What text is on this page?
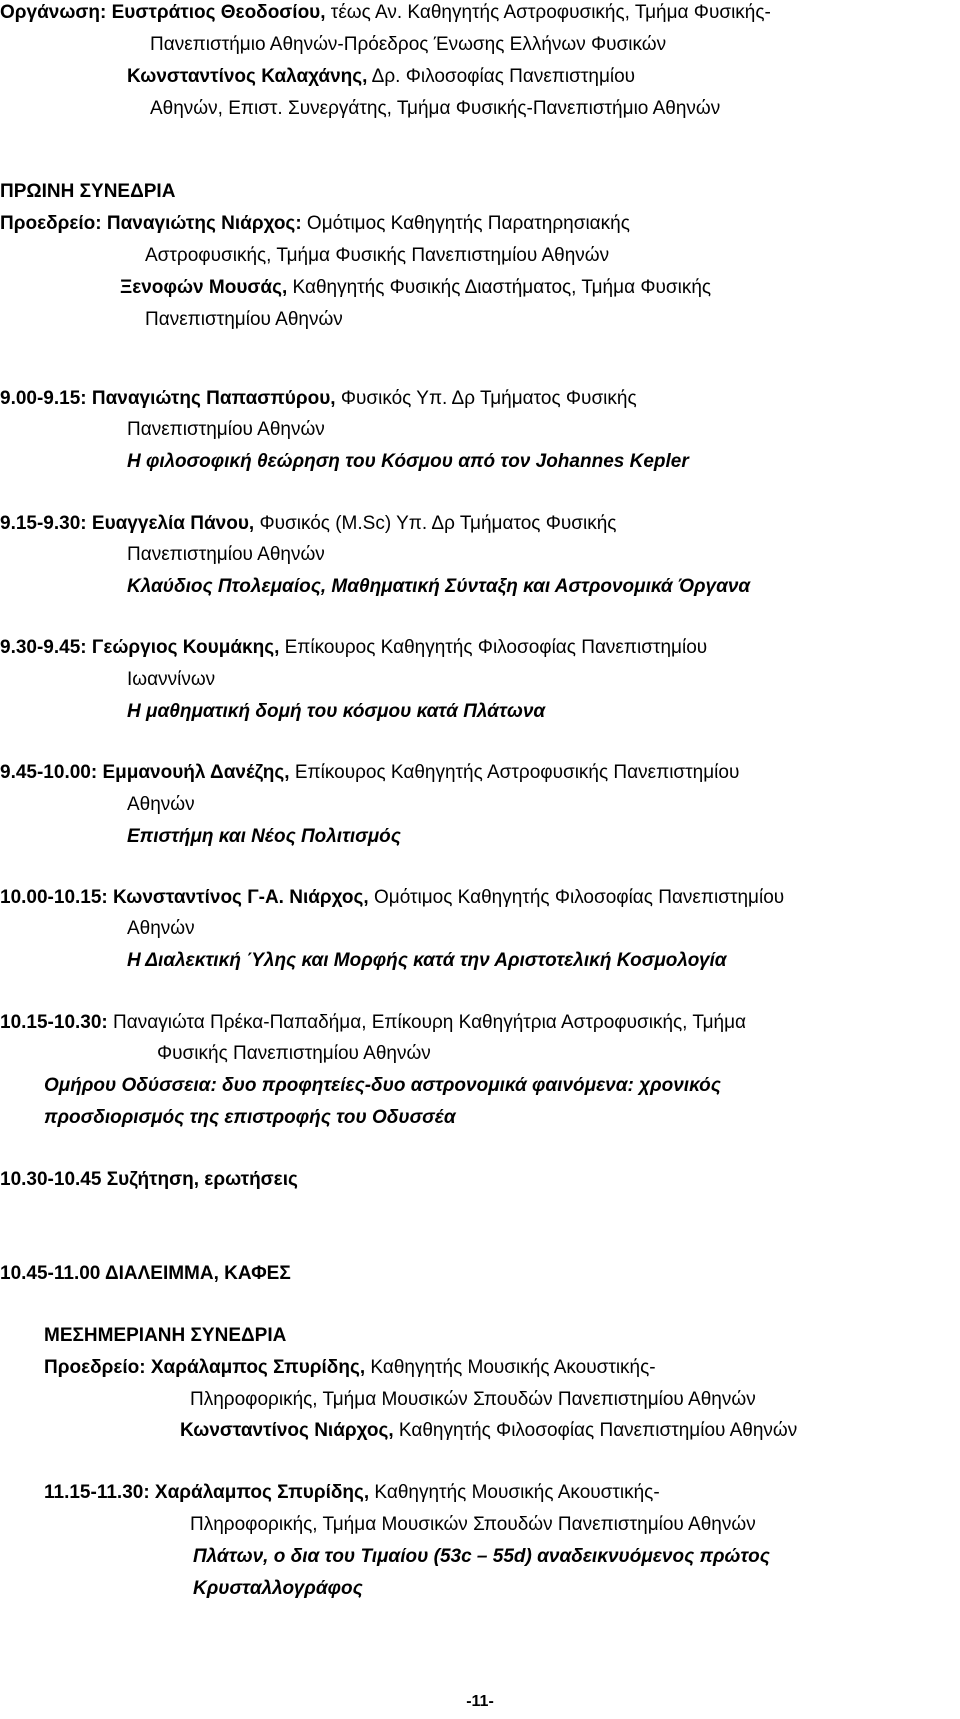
Οργάνωση: Ευστράτιος Θεοδοσίου, τέως Αν. Καθηγητής Αστροφυσικής, Τμήμα Φυσικής-
Πανεπιστήμιο Αθηνών-Πρόεδρος Ένωσης Ελλήνων Φυσικών
Κωνσταντίνος Καλαχάνης, Δρ. Φιλοσοφίας Πανεπιστημίου
Αθηνών, Επιστ. Συνεργάτης, Τμήμα Φυσικής-Πανεπιστήμιο Αθηνών
ΠΡΩΙΝΗ ΣΥΝΕΔΡΙΑ
Προεδρείο: Παναγιώτης Νιάρχος: Ομότιμος Καθηγητής Παρατηρησιακής
Αστροφυσικής, Τμήμα Φυσικής Πανεπιστημίου Αθηνών
Ξενοφών Μουσάς, Καθηγητής Φυσικής Διαστήματος, Τμήμα Φυσικής
Πανεπιστημίου Αθηνών
9.00-9.15: Παναγιώτης Παπασπύρου, Φυσικός Υπ. Δρ Τμήματος Φυσικής
Πανεπιστημίου Αθηνών
Η φιλοσοφική θεώρηση του Κόσμου από τον Johannes Kepler
9.15-9.30: Ευαγγελία Πάνου, Φυσικός (M.Sc) Υπ. Δρ Τμήματος Φυσικής
Πανεπιστημίου Αθηνών
Κλαύδιος Πτολεμαίος, Μαθηματική Σύνταξη και Αστρονομικά Όργανα
9.30-9.45: Γεώργιος Κουμάκης, Επίκουρος Καθηγητής Φιλοσοφίας Πανεπιστημίου
Ιωαννίνων
Η μαθηματική δομή του κόσμου κατά Πλάτωνα
9.45-10.00: Εμμανουήλ Δανέζης, Επίκουρος Καθηγητής Αστροφυσικής Πανεπιστημίου
Αθηνών
Επιστήμη και Νέος Πολιτισμός
10.00-10.15: Κωνσταντίνος Γ-Α. Νιάρχος, Ομότιμος Καθηγητής Φιλοσοφίας Πανεπιστημίου
Αθηνών
Η Διαλεκτική Ύλης και Μορφής κατά την Αριστοτελική Κοσμολογία
10.15-10.30: Παναγιώτα Πρέκα-Παπαδήμα, Επίκουρη Καθηγήτρια Αστροφυσικής, Τμήμα
Φυσικής Πανεπιστημίου Αθηνών
Ομήρου Οδύσσεια: δυο προφητείες-δυο αστρονομικά φαινόμενα: χρονικός
προσδιορισμός της επιστροφής του Οδυσσέα
10.30-10.45 Συζήτηση, ερωτήσεις
10.45-11.00 ΔΙΑΛΕΙΜΜΑ, ΚΑΦΕΣ
ΜΕΣΗΜΕΡΙΑΝΗ ΣΥΝΕΔΡΙΑ
Προεδρείο: Χαράλαμπος Σπυρίδης, Καθηγητής Μουσικής Ακουστικής-
Πληροφορικής, Τμήμα Μουσικών Σπουδών Πανεπιστημίου Αθηνών
Κωνσταντίνος Νιάρχος, Καθηγητής Φιλοσοφίας Πανεπιστημίου Αθηνών
11.15-11.30: Χαράλαμπος Σπυρίδης, Καθηγητής Μουσικής Ακουστικής-
Πληροφορικής, Τμήμα Μουσικών Σπουδών Πανεπιστημίου Αθηνών
Πλάτων, ο δια του Τιμαίου (53c – 55d) αναδεικνυόμενος πρώτος
Κρυσταλλογράφος
-11-
